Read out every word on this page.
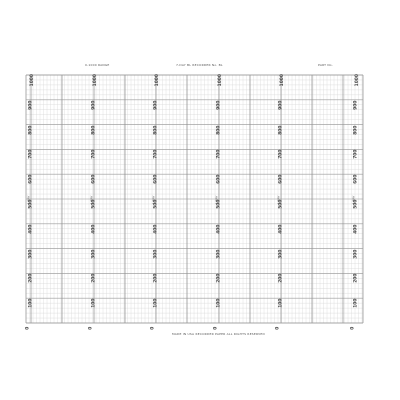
0-1000 RANGE	7-DAY BL RECORDER No. BL	PART No.
MADE IN USA RECORDER PAPER ALL RIGHTS RESERVED
1000
900
800
700
600
500
400
300
200
100
0
1 DAY
1000
900
800
700
600
500
400
300
200
100
0
1 DAY
1000
900
800
700
600
500
400
300
200
100
0
1 DAY
1000
900
800
700
600
500
400
300
200
100
0
1 DAY
1000
900
800
700
600
500
400
300
200
100
0
1 DAY
1000
900
800
700
600
500
400
300
200
100
0
1 DAY
